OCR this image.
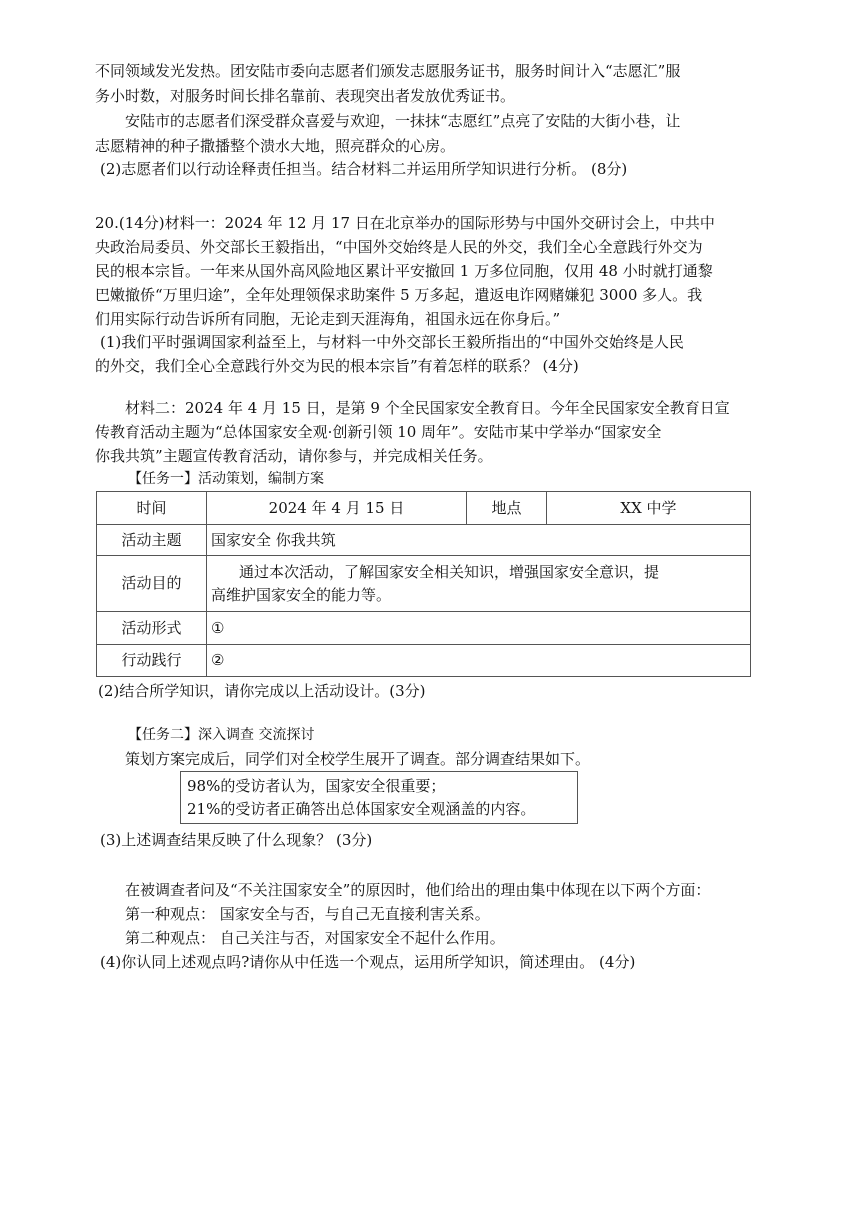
不同领域发光发热。团安陆市委向志愿者们颁发志愿服务证书，服务时间计入“志愿汇”服
务小时数，对服务时间长排名靠前、表现突出者发放优秀证书。
安陆市的志愿者们深受群众喜爱与欢迎，一抹抹“志愿红”点亮了安陆的大街小巷，让
志愿精神的种子撒播整个溃水大地，照亮群众的心房。
(2)志愿者们以行动诠释责任担当。结合材料二并运用所学知识进行分析。 (8分)
20.(14分)材料一：2024 年 12 月 17 日在北京举办的国际形势与中国外交研讨会上，中共中
央政治局委员、外交部长王毅指出，“中国外交始终是人民的外交，我们全心全意践行外交为
民的根本宗旨。一年来从国外高风险地区累计平安撤回 1 万多位同胞，仅用 48 小时就打通黎
巴嫩撤侨“万里归途”，全年处理领保求助案件 5 万多起，遣返电诈网赌嫌犯 3000 多人。我
们用实际行动告诉所有同胞，无论走到天涯海角，祖国永远在你身后。”
(1)我们平时强调国家利益至上，与材料一中外交部长王毅所指出的“中国外交始终是人民
的外交，我们全心全意践行外交为民的根本宗旨”有着怎样的联系？ (4分)
材料二：2024 年 4 月 15 日，是第 9 个全民国家安全教育日。今年全民国家安全教育日宣
传教育活动主题为“总体国家安全观·创新引领 10 周年”。安陆市某中学举办“国家安全
你我共筑”主题宣传教育活动，请你参与，并完成相关任务。
【任务一】活动策划，编制方案
时间	2024 年 4 月 15 日	地点	XX 中学
活动主题	国家安全 你我共筑		
活动目的	通过本次活动，了解国家安全相关知识，增强国家安全意识，提
高维护国家安全的能力等。		

活动形式	①		
行动践行	②		
(2)结合所学知识，请你完成以上活动设计。(3分)
【任务二】深入调查 交流探讨
策划方案完成后，同学们对全校学生展开了调查。部分调查结果如下。
98%的受访者认为，国家安全很重要；
21%的受访者正确答出总体国家安全观涵盖的内容。
(3)上述调查结果反映了什么现象？ (3分)
在被调查者问及“不关注国家安全”的原因时，他们给出的理由集中体现在以下两个方面：
第一种观点： 国家安全与否，与自己无直接利害关系。
第二种观点： 自己关注与否，对国家安全不起什么作用。
(4)你认同上述观点吗?请你从中任选一个观点，运用所学知识，简述理由。 (4分)
